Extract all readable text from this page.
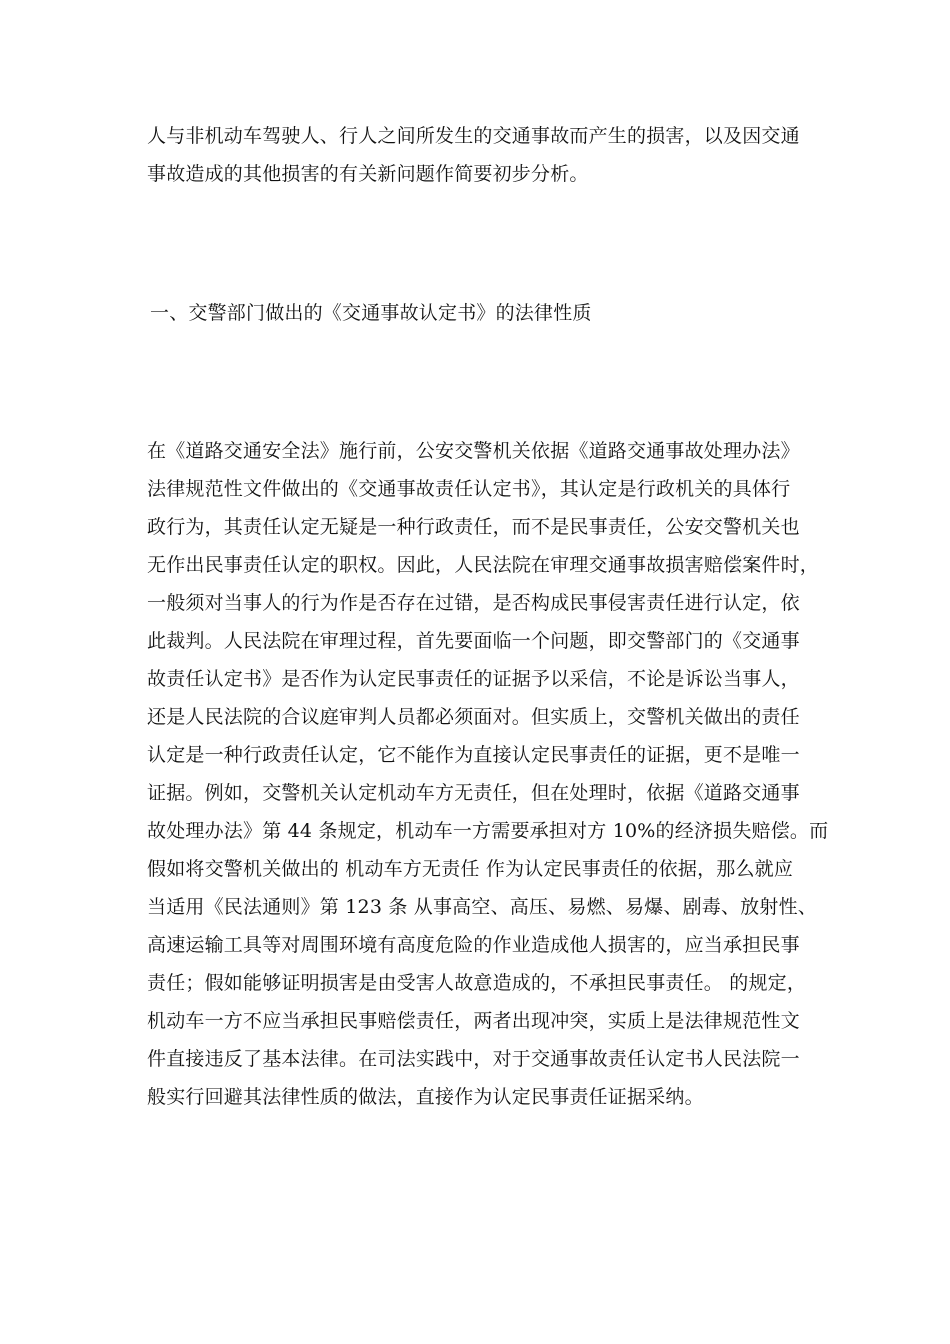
人与非机动车驾驶人、行人之间所发生的交通事故而产生的损害，以及因交通
事故造成的其他损害的有关新问题作简要初步分析。
一、交警部门做出的《交通事故认定书》的法律性质
在《道路交通安全法》施行前，公安交警机关依据《道路交通事故处理办法》
法律规范性文件做出的《交通事故责任认定书》，其认定是行政机关的具体行
政行为，其责任认定无疑是一种行政责任，而不是民事责任，公安交警机关也
无作出民事责任认定的职权。因此，人民法院在审理交通事故损害赔偿案件时，
一般须对当事人的行为作是否存在过错，是否构成民事侵害责任进行认定，依
此裁判。人民法院在审理过程，首先要面临一个问题，即交警部门的《交通事
故责任认定书》是否作为认定民事责任的证据予以采信，不论是诉讼当事人，
还是人民法院的合议庭审判人员都必须面对。但实质上，交警机关做出的责任
认定是一种行政责任认定，它不能作为直接认定民事责任的证据，更不是唯一
证据。例如，交警机关认定机动车方无责任，但在处理时，依据《道路交通事
故处理办法》第 44 条规定，机动车一方需要承担对方 10%的经济损失赔偿。而
假如将交警机关做出的 机动车方无责任 作为认定民事责任的依据，那么就应
当适用《民法通则》第 123 条 从事高空、高压、易燃、易爆、剧毒、放射性、
高速运输工具等对周围环境有高度危险的作业造成他人损害的，应当承担民事
责任；假如能够证明损害是由受害人故意造成的，不承担民事责任。 的规定，
机动车一方不应当承担民事赔偿责任，两者出现冲突，实质上是法律规范性文
件直接违反了基本法律。在司法实践中，对于交通事故责任认定书人民法院一
般实行回避其法律性质的做法，直接作为认定民事责任证据采纳。
